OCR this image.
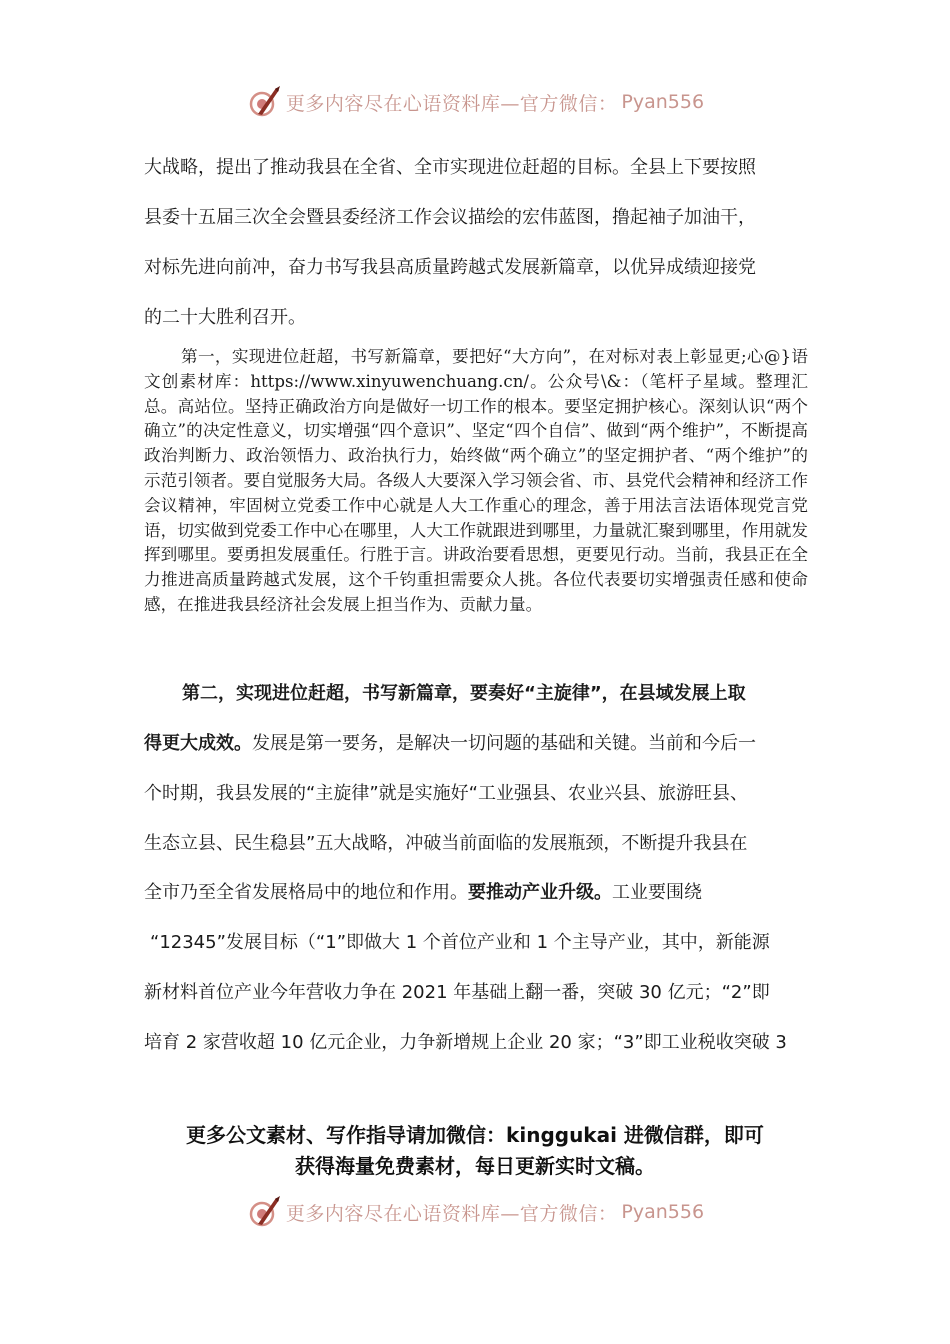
更多内容尽在心语资料库—官方微信： Pyan556
大战略，提出了推动我县在全省、全市实现进位赶超的目标。全县上下要按照
县委十五届三次全会暨县委经济工作会议描绘的宏伟蓝图，撸起袖子加油干，
对标先进向前冲，奋力书写我县高质量跨越式发展新篇章，以优异成绩迎接党
的二十大胜利召开。

第一，实现进位赶超，书写新篇章，要把好“大方向”，在对标对表上彰显更;心@}语文创素材库：https://www.xinyuwenchuang.cn/。公众号\&：（笔杆子星域。整理汇总。高站位。坚持正确政治方向是做好一切工作的根本。要坚定拥护核心。深刻认识“两个确立”的决定性意义，切实增强“四个意识”、坚定“四个自信”、做到“两个维护”，不断提高政治判断力、政治领悟力、政治执行力，始终做“两个确立”的坚定拥护者、“两个维护”的示范引领者。要自觉服务大局。各级人大要深入学习领会省、市、县党代会精神和经济工作会议精神，牢固树立党委工作中心就是人大工作重心的理念，善于用法言法语体现党言党语，切实做到党委工作中心在哪里，人大工作就跟进到哪里，力量就汇聚到哪里，作用就发挥到哪里。要勇担发展重任。行胜于言。讲政治要看思想，更要见行动。当前，我县正在全力推进高质量跨越式发展，这个千钧重担需要众人挑。各位代表要切实增强责任感和使命感，在推进我县经济社会发展上担当作为、贡献力量。

第二，实现进位赶超，书写新篇章，要奏好“主旋律”，在县域发展上取
得更大成效。发展是第一要务，是解决一切问题的基础和关键。当前和今后一
个时期，我县发展的“主旋律”就是实施好“工业强县、农业兴县、旅游旺县、
生态立县、民生稳县”五大战略，冲破当前面临的发展瓶颈，不断提升我县在
全市乃至全省发展格局中的地位和作用。要推动产业升级。工业要围绕
“12345”发展目标（“1”即做大 1 个首位产业和 1 个主导产业，其中，新能源
新材料首位产业今年营收力争在 2021 年基础上翻一番，突破 30 亿元；“2”即
培育 2 家营收超 10 亿元企业，力争新增规上企业 20 家；“3”即工业税收突破 3
更多公文素材、写作指导请加微信：kinggukai 进微信群，即可
获得海量免费素材，每日更新实时文稿。
更多内容尽在心语资料库—官方微信： Pyan556
